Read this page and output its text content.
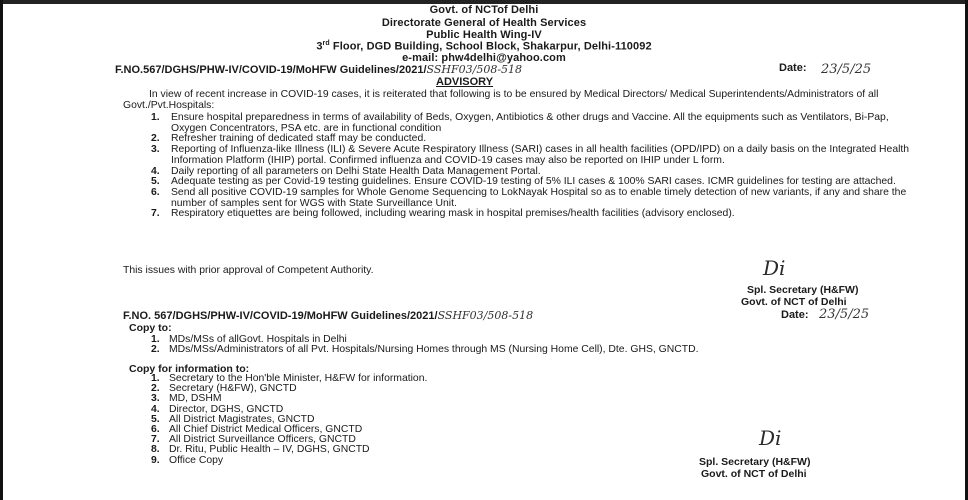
Govt. of NCTof Delhi
Directorate General of Health Services
Public Health Wing-IV
3rd Floor, DGD Building, School Block, Shakarpur, Delhi-110092
e-mail: phw4delhi@yahoo.com
F.NO.567/DGHS/PHW-IV/COVID-19/MoHFW Guidelines/2021/SSHF03/508-518	Date: 23/5/25
ADVISORY
In view of recent increase in COVID-19 cases, it is reiterated that following is to be ensured by Medical Directors/ Medical Superintendents/Administrators of all Govt./Pvt.Hospitals:
1. Ensure hospital preparedness in terms of availability of Beds, Oxygen, Antibiotics & other drugs and Vaccine. All the equipments such as Ventilators, Bi-Pap, Oxygen Concentrators, PSA etc. are in functional condition
2. Refresher training of dedicated staff may be conducted.
3. Reporting of Influenza-like Illness (ILI) & Severe Acute Respiratory Illness (SARI) cases in all health facilities (OPD/IPD) on a daily basis on the Integrated Health Information Platform (IHIP) portal. Confirmed influenza and COVID-19 cases may also be reported on IHIP under L form.
4. Daily reporting of all parameters on Delhi State Health Data Management Portal.
5. Adequate testing as per Covid-19 testing guidelines. Ensure COVID-19 testing of 5% ILI cases & 100% SARI cases. ICMR guidelines for testing are attached.
6. Send all positive COVID-19 samples for Whole Genome Sequencing to LokNayak Hospital so as to enable timely detection of new variants, if any and share the number of samples sent for WGS with State Surveillance Unit.
7. Respiratory etiquettes are being followed, including wearing mask in hospital premises/health facilities (advisory enclosed).
This issues with prior approval of Competent Authority.	Di
Spl. Secretary (H&FW)
Govt. of NCT of Delhi
F.NO. 567/DGHS/PHW-IV/COVID-19/MoHFW Guidelines/2021/SSHF03/508-518	Date: 23/5/25
Copy to:
1. MDs/MSs of allGovt. Hospitals in Delhi
2. MDs/MSs/Administrators of all Pvt. Hospitals/Nursing Homes through MS (Nursing Home Cell), Dte. GHS, GNCTD.
Copy for information to:
1. Secretary to the Hon'ble Minister, H&FW for information.
2. Secretary (H&FW), GNCTD
3. MD, DSHM
4. Director, DGHS, GNCTD
5. All District Magistrates, GNCTD
6. All Chief District Medical Officers, GNCTD
7. All District Surveillance Officers, GNCTD
8. Dr. Ritu, Public Health – IV, DGHS, GNCTD
9. Office Copy
Di
Spl. Secretary (H&FW)
Govt. of NCT of Delhi
